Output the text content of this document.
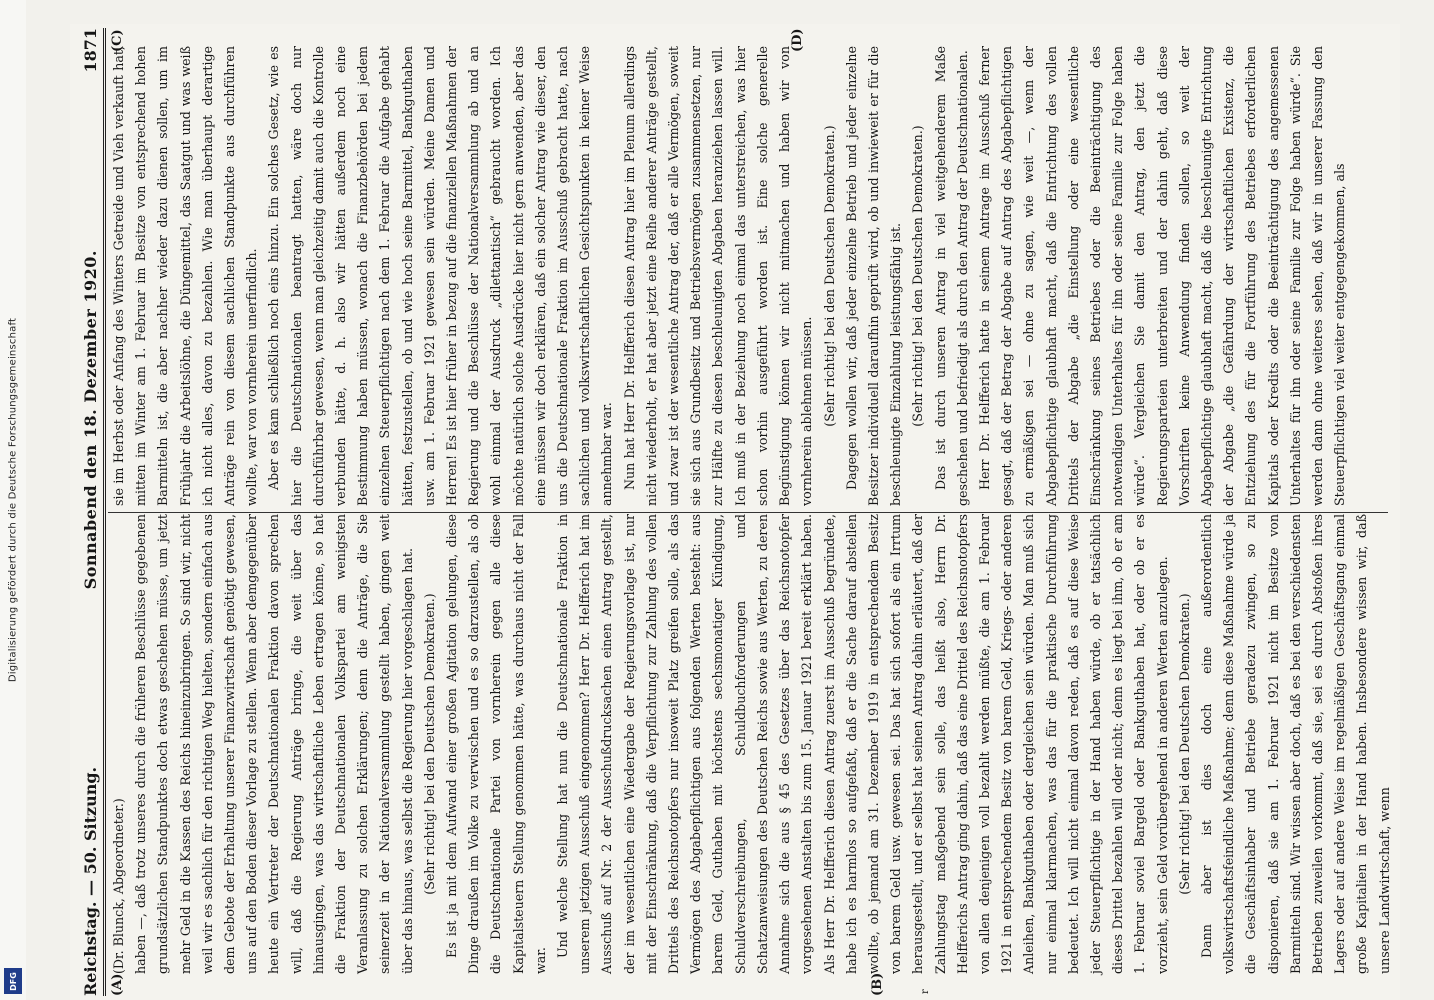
Digitalisierung gefördert durch die Deutsche Forschungsgemeinschaft
DFG	Reichstag. — 50. Sitzung.
Sonnabend den 18. Dezember 1920.
1871
(A)	(B)	r
(C)	(D)

(Dr. Blunck, Abgeordneter.) haben —, daß trotz unseres durch die früheren Beschlüsse gegebenen grundsätzlichen Standpunktes doch etwas geschehen müsse, um jetzt mehr Geld in die Kassen des Reichs hineinzubringen. So sind wir, nicht weil wir es sachlich für den richtigen Weg hielten, sondern einfach aus dem Gebote der Erhaltung unserer Finanzwirtschaft genötigt gewesen, uns auf den Boden dieser Vorlage zu stellen. Wenn aber demgegenüber heute ein Vertreter der Deutschnationalen Fraktion davon sprechen will, daß die Regierung Anträge bringe, die weit über das hinausgingen, was das wirtschaftliche Leben ertragen könne, so hat die Fraktion der Deutschnationalen Volkspartei am wenigsten Veranlassung zu solchen Erklärungen; denn die Anträge, die Sie seinerzeit in der Nationalversammlung gestellt haben, gingen weit über das hinaus, was selbst die Regierung hier vorgeschlagen hat. (Sehr richtig! bei den Deutschen Demokraten.) Es ist ja mit dem Aufwand einer großen Agitation gelungen, diese Dinge draußen im Volke zu verwischen und es so darzustellen, als ob die Deutschnationale Partei von vornherein gegen alle diese Kapitalsteuern Stellung genommen hätte, was durchaus nicht der Fall war.

Und welche Stellung hat nun die Deutschnationale Fraktion in unserem jetzigen Ausschuß eingenommen? Herr Dr. Helfferich hat im Ausschuß auf Nr. 2 der Ausschußdrucksachen einen Antrag gestellt, der im wesentlichen eine Wiedergabe der Regierungsvorlage ist, nur mit der Einschränkung, daß die Verpflichtung zur Zahlung des vollen Drittels des Reichsnotopfers nur insoweit Platz greifen solle, als das Vermögen des Abgabepflichtigen aus folgenden Werten besteht: aus barem Geld, Guthaben mit höchstens sechsmonatiger Kündigung, Schuldverschreibungen, Schuldbuchforderungen und Schatzanweisungen des Deutschen Reichs sowie aus Werten, zu deren Annahme sich die aus § 45 des Gesetzes über das Reichsnotopfer vorgesehenen Anstalten bis zum 15. Januar 1921 bereit erklärt haben. Als Herr Dr. Helfferich diesen Antrag zuerst im Ausschuß begründete, habe ich es harmlos so aufgefaßt, daß er die Sache darauf abstellen wollte, ob jemand am 31. Dezember 1919 in entsprechendem Besitz von barem Geld usw. gewesen sei. Das hat sich sofort als ein Irrtum herausgestellt, und er selbst hat seinen Antrag dahin erläutert, daß der Zahlungstag maßgebend sein solle, das heißt also, Herrn Dr. Helfferichs Antrag ging dahin, daß das eine Drittel des Reichsnotopfers von allen denjenigen voll bezahlt werden müßte, die am 1. Februar 1921 in entsprechendem Besitz von barem Geld, Kriegs- oder anderen Anleihen, Bankguthaben oder dergleichen sein würden. Man muß sich nur einmal klarmachen, was das für die praktische Durchführung bedeutet. Ich will nicht einmal davon reden, daß es auf diese Weise jeder Steuerpflichtige in der Hand haben würde, ob er tatsächlich dieses Drittel bezahlen will oder nicht; denn es liegt bei ihm, ob er am 1. Februar soviel Bargeld oder Bankguthaben hat, oder ob er es vorzieht, sein Geld vorübergehend in anderen Werten anzulegen. (Sehr richtig! bei den Deutschen Demokraten.) Dann aber ist dies doch eine außerordentlich volkswirtschaftsfeindliche Maßnahme; denn diese Maßnahme würde ja die Geschäftsinhaber und Betriebe geradezu zwingen, so zu disponieren, daß sie am 1. Februar 1921 nicht im Besitze von Barmitteln sind. Wir wissen aber doch, daß es bei den verschiedensten Betrieben zuweilen vorkommt, daß sie, sei es durch Abstoßen ihres Lagers oder auf andere Weise im regelmäßigen Geschäftsgang einmal große Kapitalien in der Hand haben. Insbesondere wissen wir, daß unsere Landwirtschaft, wenn

sie im Herbst oder Anfang des Winters Getreide und Vieh verkauft hat, mitten im Winter am 1. Februar im Besitze von entsprechend hohen Barmitteln ist, die aber nachher wieder dazu dienen sollen, um im Frühjahr die Arbeitslöhne, die Düngemittel, das Saatgut und was weiß ich nicht alles, davon zu bezahlen. Wie man überhaupt derartige Anträge rein von diesem sachlichen Standpunkte aus durchführen wollte, war von vornherein unerfindlich. Aber es kam schließlich noch eins hinzu. Ein solches Gesetz, wie es hier die Deutschnationalen beantragt hatten, wäre doch nur durchführbar gewesen, wenn man gleichzeitig damit auch die Kontrolle verbunden hätte, d. h. also wir hätten außerdem noch eine Bestimmung haben müssen, wonach die Finanzbehörden bei jedem einzelnen Steuerpflichtigen nach dem 1. Februar die Aufgabe gehabt hätten, festzustellen, ob und wie hoch seine Barmittel, Bankguthaben usw. am 1. Februar 1921 gewesen sein würden. Meine Damen und Herren! Es ist hier früher in bezug auf die finanziellen Maßnahmen der Regierung und die Beschlüsse der Nationalversammlung ab und an wohl einmal der Ausdruck „dilettantisch“ gebraucht worden. Ich möchte natürlich solche Ausdrücke hier nicht gern anwenden, aber das eine müssen wir doch erklären, daß ein solcher Antrag wie dieser, den uns die Deutschnationale Fraktion im Ausschuß gebracht hatte, nach sachlichen und volkswirtschaftlichen Gesichtspunkten in keiner Weise annehmbar war. Nun hat Herr Dr. Helfferich diesen Antrag hier im Plenum allerdings nicht wiederholt, er hat aber jetzt eine Reihe anderer Anträge gestellt, und zwar ist der wesentliche Antrag der, daß er alle Vermögen, soweit sie sich aus Grundbesitz und Betriebsvermögen zusammensetzen, nur zur Hälfte zu diesen beschleunigten Abgaben heranziehen lassen will. Ich muß in der Beziehung noch einmal das unterstreichen, was hier schon vorhin ausgeführt worden ist. Eine solche generelle Begünstigung können wir nicht mitmachen und haben wir von vornherein ablehnen müssen. (Sehr richtig! bei den Deutschen Demokraten.) Dagegen wollen wir, daß jeder einzelne Betrieb und jeder einzelne Besitzer individuell daraufhin geprüft wird, ob und inwieweit er für die beschleunigte Einzahlung leistungsfähig ist. (Sehr richtig! bei den Deutschen Demokraten.) Das ist durch unseren Antrag in viel weitgehenderem Maße geschehen und befriedigt als durch den Antrag der Deutschnationalen. Herr Dr. Helfferich hatte in seinem Antrage im Ausschuß ferner gesagt, daß der Betrag der Abgabe auf Antrag des Abgabepflichtigen zu ermäßigen sei — ohne zu sagen, wie weit —, wenn der Abgabepflichtige glaubhaft macht, daß die Entrichtung des vollen Drittels der Abgabe „die Einstellung oder eine wesentliche Einschränkung seines Betriebes oder die Beeinträchtigung des notwendigen Unterhaltes für ihn oder seine Familie zur Folge haben würde“. Vergleichen Sie damit den Antrag, den jetzt die Regierungsparteien unterbreiten und der dahin geht, daß diese Vorschriften keine Anwendung finden sollen, so weit der Abgabepflichtige glaubhaft macht, daß die beschleunigte Entrichtung der Abgabe „die Gefährdung der wirtschaftlichen Existenz, die Entziehung des für die Fortführung des Betriebes erforderlichen Kapitals oder Kredits oder die Beeinträchtigung des angemessenen Unterhaltes für ihn oder seine Familie zur Folge haben würde“. Sie werden dann ohne weiteres sehen, daß wir in unserer Fassung den Steuerpflichtigen viel weiter entgegengekommen, als
